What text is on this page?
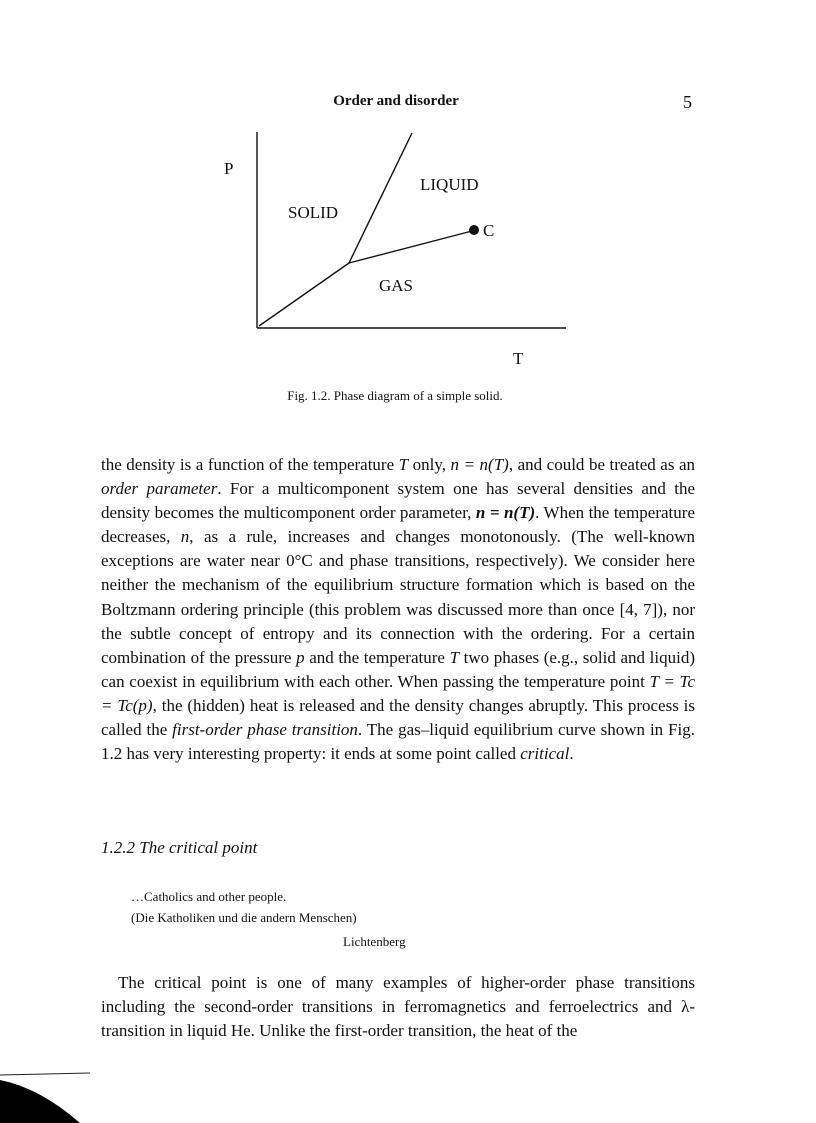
Order and disorder	5
P
T
SOLID
LIQUID
GAS
C
Fig. 1.2. Phase diagram of a simple solid.

the density is a function of the temperature T only, n = n(T), and could be treated as an order parameter. For a multicomponent system one has several densities and the density becomes the multicomponent order parameter, n = n(T). When the temperature decreases, n, as a rule, increases and changes monotonously. (The well-known exceptions are water near 0°C and phase transitions, respectively). We consider here neither the mechanism of the equilibrium structure formation which is based on the Boltzmann ordering principle (this problem was discussed more than once [4, 7]), nor the subtle concept of entropy and its connection with the ordering. For a certain combination of the pressure p and the temperature T two phases (e.g., solid and liquid) can coexist in equilibrium with each other. When passing the temperature point T = Tc = Tc(p), the (hidden) heat is released and the density changes abruptly. This process is called the first-order phase transition. The gas–liquid equilibrium curve shown in Fig. 1.2 has very interesting property: it ends at some point called critical.

1.2.2 The critical point
…Catholics and other people.
(Die Katholiken und die andern Menschen)
Lichtenberg
The critical point is one of many examples of higher-order phase transitions including the second-order transitions in ferromagnetics and ferroelectrics and λ-transition in liquid He. Unlike the first-order transition, the heat of the
